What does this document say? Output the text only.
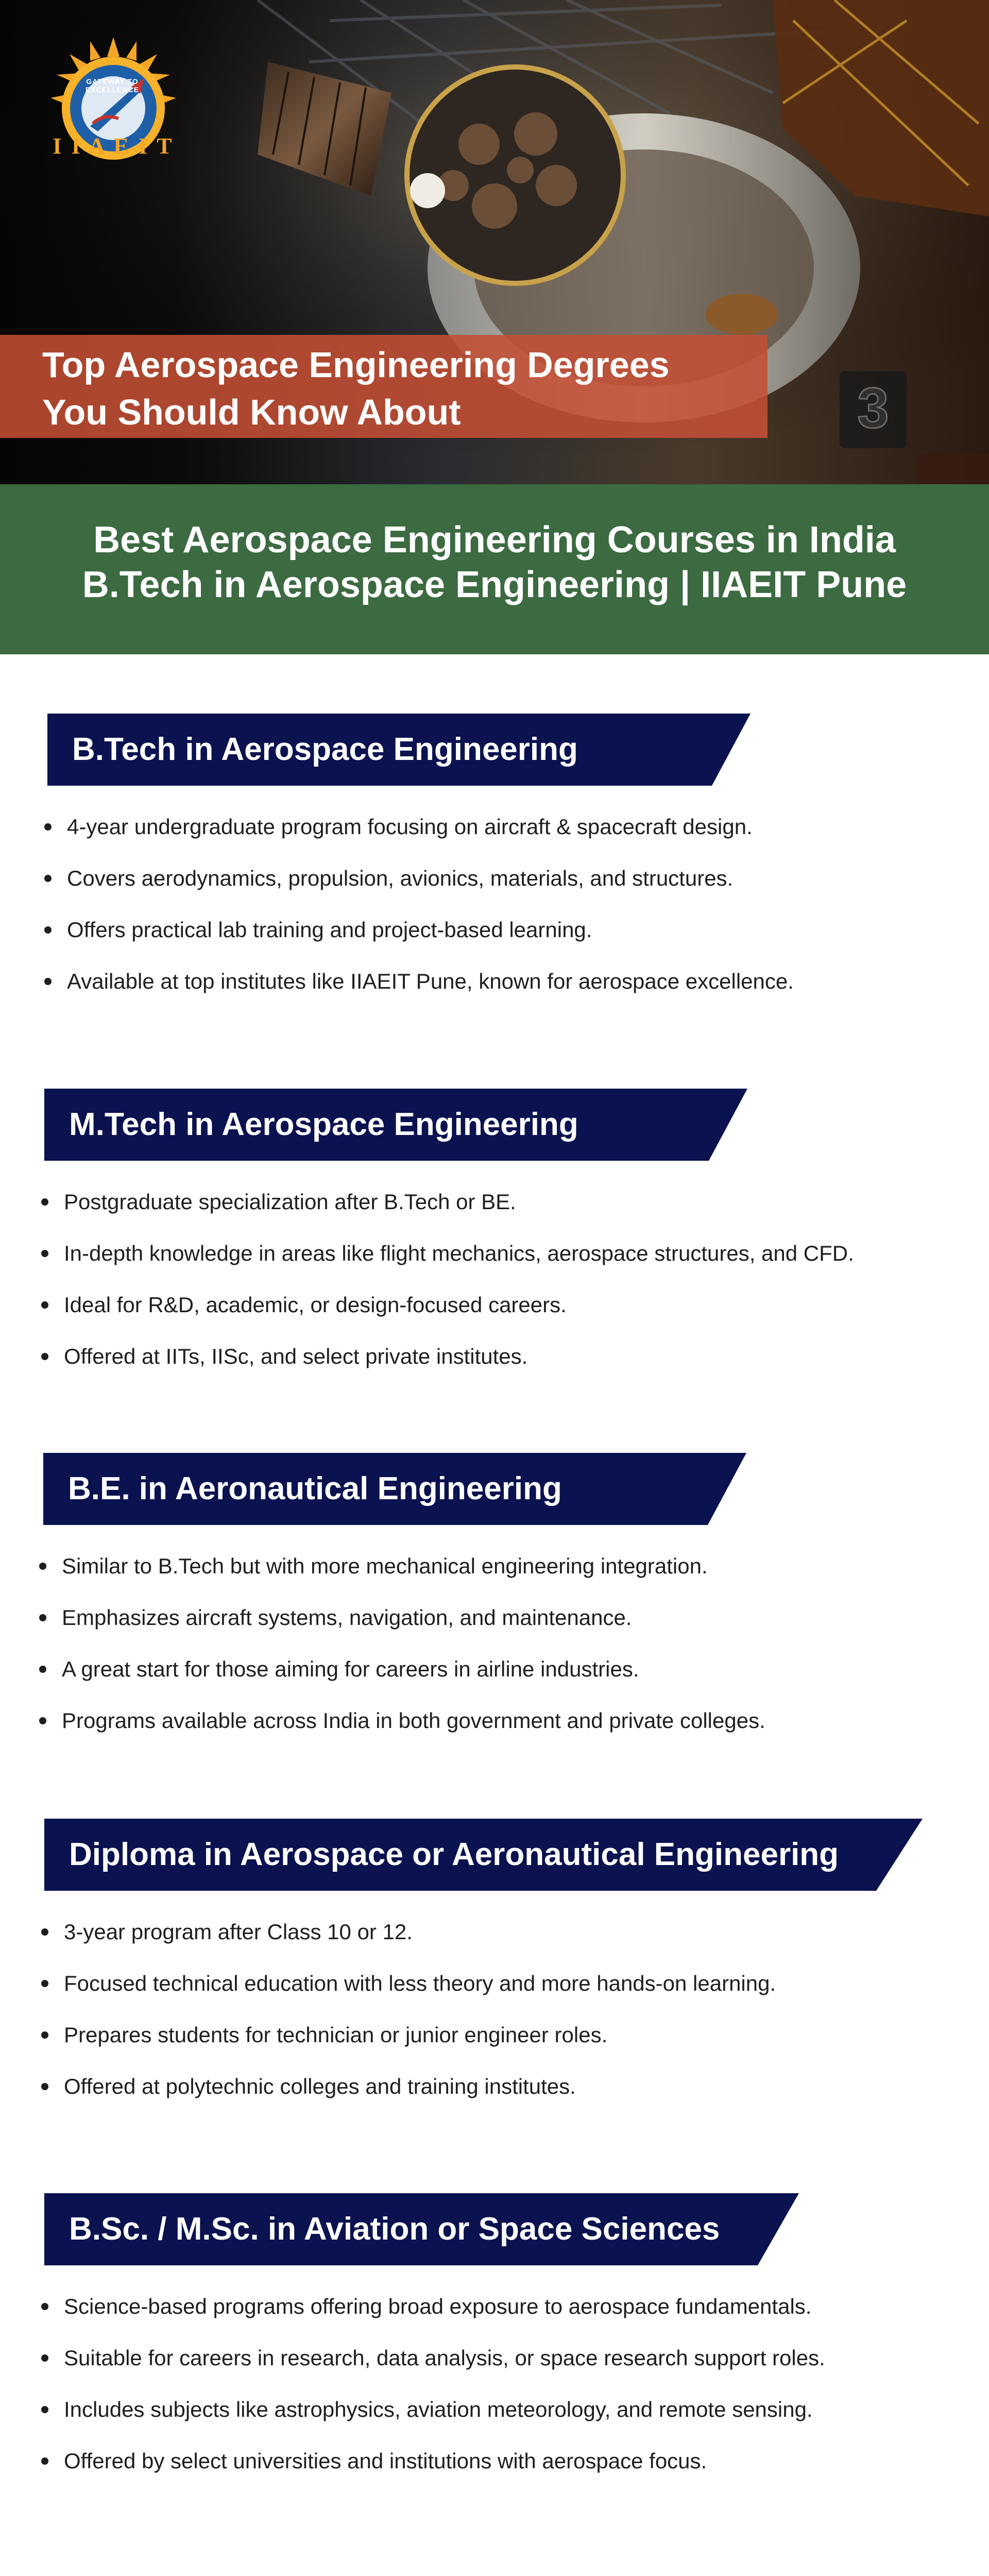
3
GATEWAY TO EXCELLENCE
I I A E I T
Top Aerospace Engineering Degrees
You Should Know About
Best Aerospace Engineering Courses in India
B.Tech in Aerospace Engineering | IIAEIT Pune
B.Tech in Aerospace Engineering
4-year undergraduate program focusing on aircraft & spacecraft design.
Covers aerodynamics, propulsion, avionics, materials, and structures.
Offers practical lab training and project-based learning.
Available at top institutes like IIAEIT Pune, known for aerospace excellence.
M.Tech in Aerospace Engineering
Postgraduate specialization after B.Tech or BE.
In-depth knowledge in areas like flight mechanics, aerospace structures, and CFD.
Ideal for R&D, academic, or design-focused careers.
Offered at IITs, IISc, and select private institutes.
B.E. in Aeronautical Engineering
Similar to B.Tech but with more mechanical engineering integration.
Emphasizes aircraft systems, navigation, and maintenance.
A great start for those aiming for careers in airline industries.
Programs available across India in both government and private colleges.
Diploma in Aerospace or Aeronautical Engineering
3-year program after Class 10 or 12.
Focused technical education with less theory and more hands-on learning.
Prepares students for technician or junior engineer roles.
Offered at polytechnic colleges and training institutes.
B.Sc. / M.Sc. in Aviation or Space Sciences
Science-based programs offering broad exposure to aerospace fundamentals.
Suitable for careers in research, data analysis, or space research support roles.
Includes subjects like astrophysics, aviation meteorology, and remote sensing.
Offered by select universities and institutions with aerospace focus.
